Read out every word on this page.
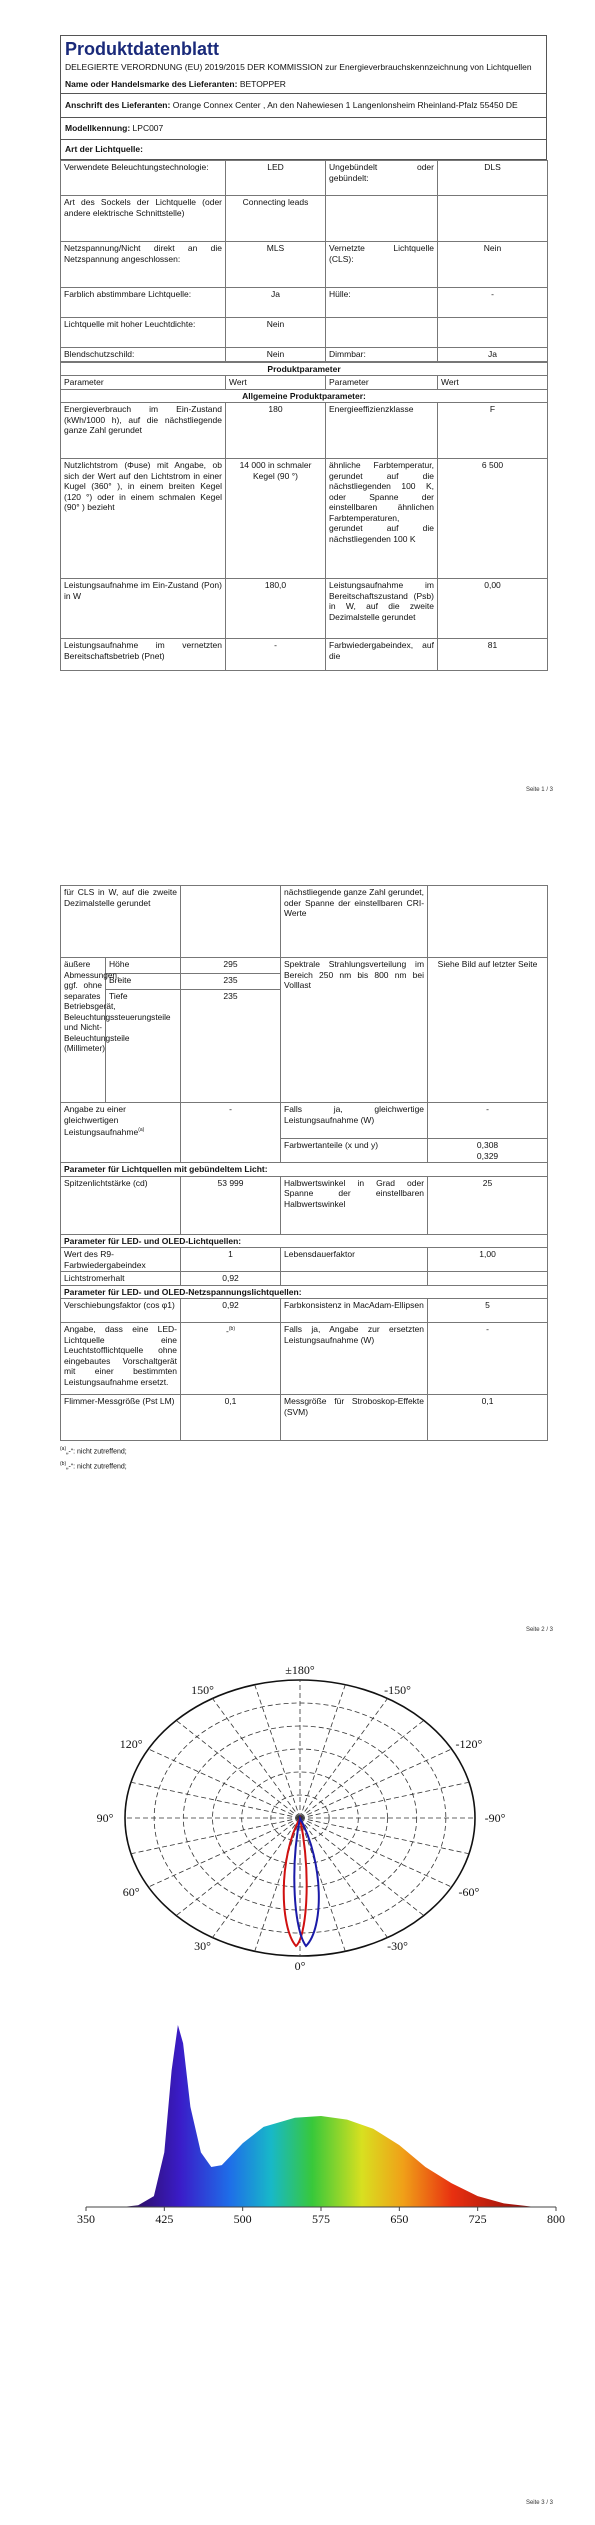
Produktdatenblatt
DELEGIERTE VERORDNUNG (EU) 2019/2015 DER KOMMISSION zur Energieverbrauchskennzeichnung von Lichtquellen
Name oder Handelsmarke des Lieferanten: BETOPPER
Anschrift des Lieferanten: Orange Connex Center , An den Nahewiesen 1 Langenlonsheim Rheinland-Pfalz 55450 DE
Modellkennung: LPC007
Art der Lichtquelle:
Verwendete Beleuchtungstechnologie:	LED	Ungebündelt oder gebündelt:	DLS
Art des Sockels der Lichtquelle (oder andere elektrische Schnittstelle)	Connecting leads		
Netzspannung/Nicht direkt an die Netzspannung angeschlossen:	MLS	Vernetzte Lichtquelle (CLS):	Nein
Farblich abstimmbare Lichtquelle:	Ja	Hülle:	-
Lichtquelle mit hoher Leuchtdichte:	Nein		
Blendschutzschild:	Nein	Dimmbar:	Ja
Produktparameter			
Parameter	Wert	Parameter	Wert
Allgemeine Produktparameter:			
Energieverbrauch im Ein-Zustand (kWh/1000 h), auf die nächstliegende ganze Zahl gerundet	180	Energieeffizienzklasse	F
Nutzlichtstrom (Φuse) mit Angabe, ob sich der Wert auf den Lichtstrom in einer Kugel (360° ), in einem breiten Kegel (120 °) oder in einem schmalen Kegel (90° ) bezieht	14 000 in schmaler Kegel (90 °)	ähnliche Farbtemperatur, gerundet auf die nächstliegenden 100 K, oder Spanne der einstellbaren ähnlichen Farbtemperaturen, gerundet auf die nächstliegenden 100 K	6 500
Leistungsaufnahme im Ein-Zustand (Pon) in W	180,0	Leistungsaufnahme im Bereitschaftszustand (Psb) in W, auf die zweite Dezimalstelle gerundet	0,00
Leistungsaufnahme im vernetzten Bereitschaftsbetrieb (Pnet)	-	Farbwiedergabeindex, auf die	81
Seite 1 / 3
für CLS in W, auf die zweite Dezimalstelle gerundet			nächstliegende ganze Zahl gerundet, oder Spanne der einstellbaren CRI-Werte	
äußere Abmessungen, ggf. ohne separates Betriebsgerät, Beleuchtungssteuerungsteile und Nicht-Beleuchtungsteile (Millimeter)	Höhe	295	Spektrale Strahlungsverteilung im Bereich 250 nm bis 800 nm bei Volllast	Siehe Bild auf letzter Seite
	Breite	235		
	Tiefe	235		
Angabe zu einer gleichwertigen Leistungsaufnahme$^{(a)}$		-	Falls ja, gleichwertige Leistungsaufnahme (W)	-
			Farbwertanteile (x und y)	0,308
0,329

Parameter für Lichtquellen mit gebündeltem Licht:				
Spitzenlichtstärke (cd)		53 999	Halbwertswinkel in Grad oder Spanne der einstellbaren Halbwertswinkel	25
Parameter für LED- und OLED-Lichtquellen:				
Wert des R9-Farbwiedergabeindex		1	Lebensdauerfaktor	1,00
Lichtstromerhalt		0,92		
Parameter für LED- und OLED-Netzspannungslichtquellen:				
Verschiebungsfaktor (cos φ1)		0,92	Farbkonsistenz in MacAdam-Ellipsen	5
Angabe, dass eine LED-Lichtquelle eine Leuchtstofflichtquelle ohne eingebautes Vorschaltgerät mit einer bestimmten Leistungsaufnahme ersetzt.		-$^{(b)}$	Falls ja, Angabe zur ersetzten Leistungsaufnahme (W)	-
Flimmer-Messgröße (Pst LM)		0,1	Messgröße für Stroboskop-Effekte (SVM)	0,1
$^{(a)}$„-“: nicht zutreffend;
$^{(b)}$„-“: nicht zutreffend;
Seite 2 / 3
±180°
-150°
150°
-120°
120°
-90°
90°
-60°
60°
-30°
30°
0°
350	425	500	575	650	725	800
Seite 3 / 3
